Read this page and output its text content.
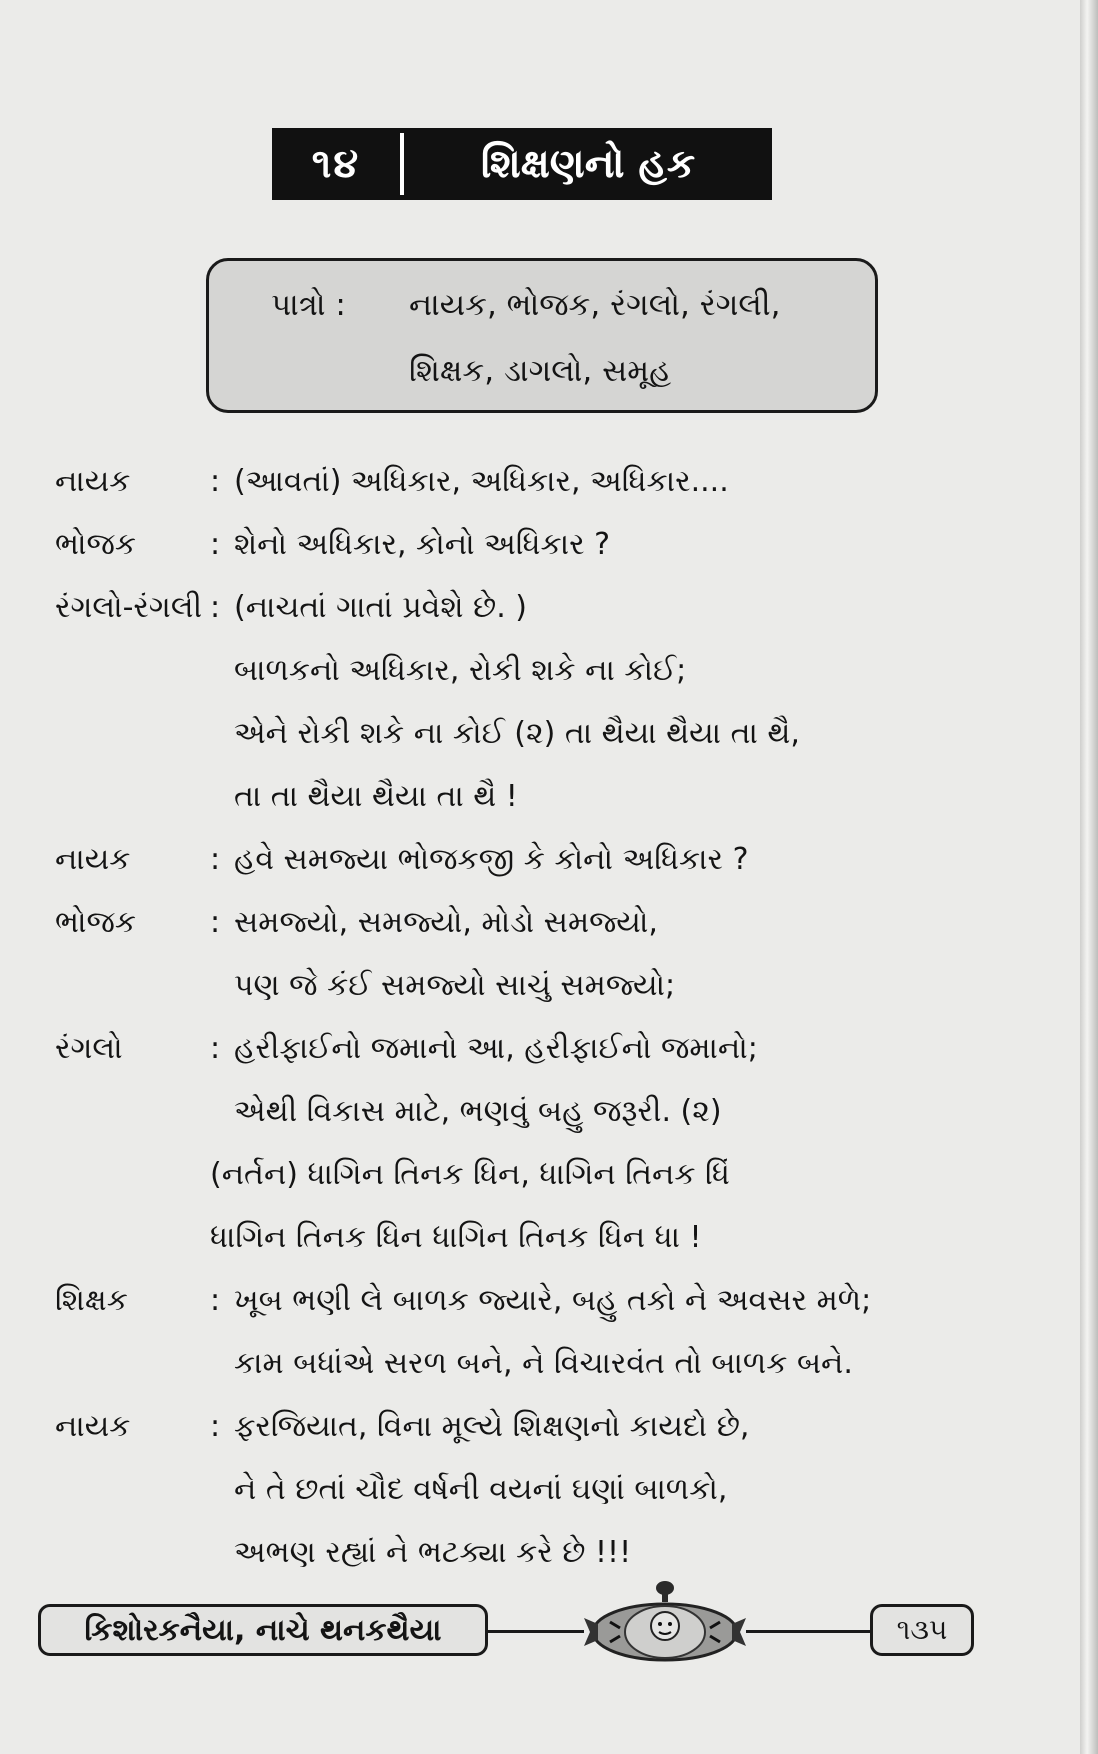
૧૪	શિક્ષણનો હક
પાત્રો : નાયક, ભોજક, રંગલો, રંગલી,
શિક્ષક, ડાગલો, સમૂહ
નાયક	: (આવતાં) અધિકાર, અધિકાર, અધિકાર....
ભોજક : શેનો અધિકાર, કોનો અધિકાર ?
રંગલો-રંગલી : (નાચતાં ગાતાં પ્રવેશે છે. )
બાળકનો અધિકાર, રોકી શકે ના કોઈ;
એને રોકી શકે ના કોઈ (૨) તા થૈયા થૈયા તા થૈ,
તા તા થૈયા થૈયા તા થૈ !
નાયક	: હવે સમજ્યા ભોજકજી કે કોનો અધિકાર ?
ભોજક : સમજ્યો, સમજ્યો, મોડો સમજ્યો,
પણ જે કંઈ સમજ્યો સાચું સમજ્યો;
રંગલો	: હરીફાઈનો જમાનો આ, હરીફાઈનો જમાનો;
એથી વિકાસ માટે, ભણવું બહુ જરૂરી. (૨)
(નર્તન) ધાગિન તિનક ધિન, ધાગિન તિનક ધિં
ધાગિન તિનક ધિન ધાગિન તિનક ધિન ધા !
શિક્ષક	: ખૂબ ભણી લે બાળક જ્યારે, બહુ તકો ને અવસર મળે;
કામ બધાંએ સરળ બને, ને વિચારવંત તો બાળક બને.
નાયક	: ફરજિયાત, વિના મૂલ્યે શિક્ષણનો કાયદો છે,
ને તે છતાં ચૌદ વર્ષની વયનાં ઘણાં બાળકો,
અભણ રહ્યાં ને ભટક્યા કરે છે !!!
કિશોરકનૈયા, નાચે થનકથૈયા	૧૩૫
